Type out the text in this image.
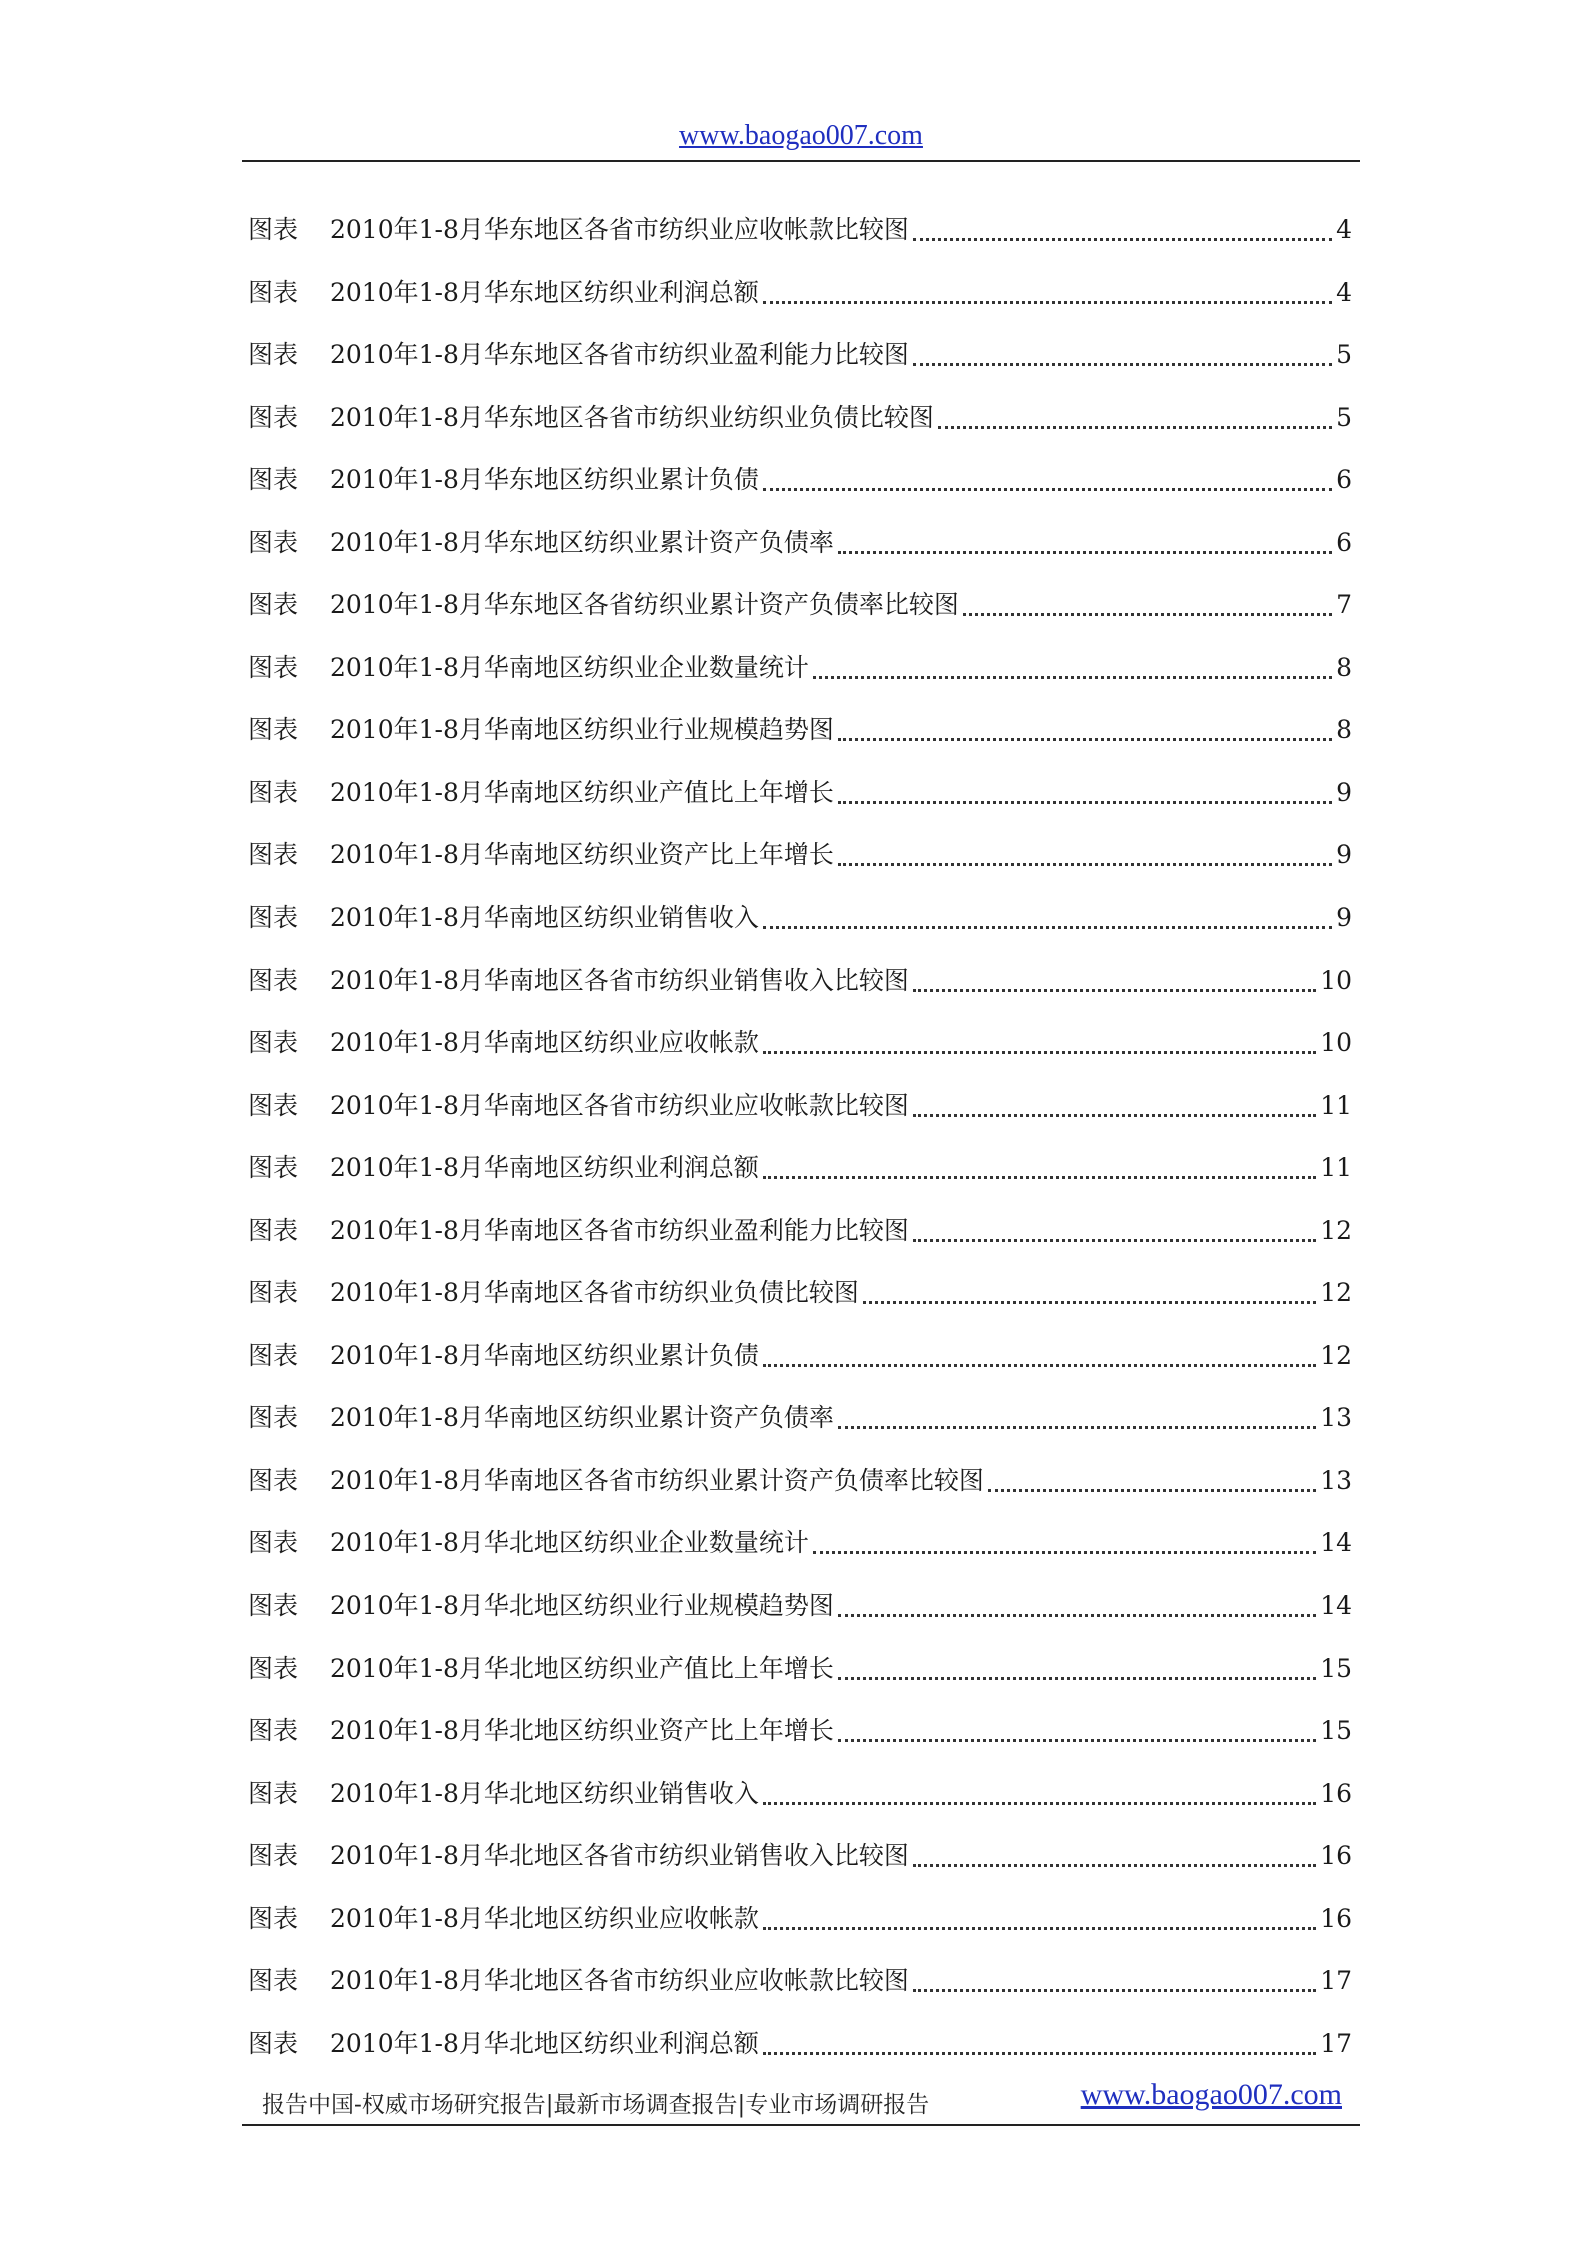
www.baogao007.com
图表	2010年1-8月华东地区各省市纺织业应收帐款比较图	4
图表	2010年1-8月华东地区纺织业利润总额	4
图表	2010年1-8月华东地区各省市纺织业盈利能力比较图	5
图表	2010年1-8月华东地区各省市纺织业纺织业负债比较图	5
图表	2010年1-8月华东地区纺织业累计负债	6
图表	2010年1-8月华东地区纺织业累计资产负债率	6
图表	2010年1-8月华东地区各省纺织业累计资产负债率比较图	7
图表	2010年1-8月华南地区纺织业企业数量统计	8
图表	2010年1-8月华南地区纺织业行业规模趋势图	8
图表	2010年1-8月华南地区纺织业产值比上年增长	9
图表	2010年1-8月华南地区纺织业资产比上年增长	9
图表	2010年1-8月华南地区纺织业销售收入	9
图表	2010年1-8月华南地区各省市纺织业销售收入比较图	10
图表	2010年1-8月华南地区纺织业应收帐款	10
图表	2010年1-8月华南地区各省市纺织业应收帐款比较图	11
图表	2010年1-8月华南地区纺织业利润总额	11
图表	2010年1-8月华南地区各省市纺织业盈利能力比较图	12
图表	2010年1-8月华南地区各省市纺织业负债比较图	12
图表	2010年1-8月华南地区纺织业累计负债	12
图表	2010年1-8月华南地区纺织业累计资产负债率	13
图表	2010年1-8月华南地区各省市纺织业累计资产负债率比较图	13
图表	2010年1-8月华北地区纺织业企业数量统计	14
图表	2010年1-8月华北地区纺织业行业规模趋势图	14
图表	2010年1-8月华北地区纺织业产值比上年增长	15
图表	2010年1-8月华北地区纺织业资产比上年增长	15
图表	2010年1-8月华北地区纺织业销售收入	16
图表	2010年1-8月华北地区各省市纺织业销售收入比较图	16
图表	2010年1-8月华北地区纺织业应收帐款	16
图表	2010年1-8月华北地区各省市纺织业应收帐款比较图	17
图表	2010年1-8月华北地区纺织业利润总额	17
报告中国-权威市场研究报告|最新市场调查报告|专业市场调研报告	www.baogao007.com
